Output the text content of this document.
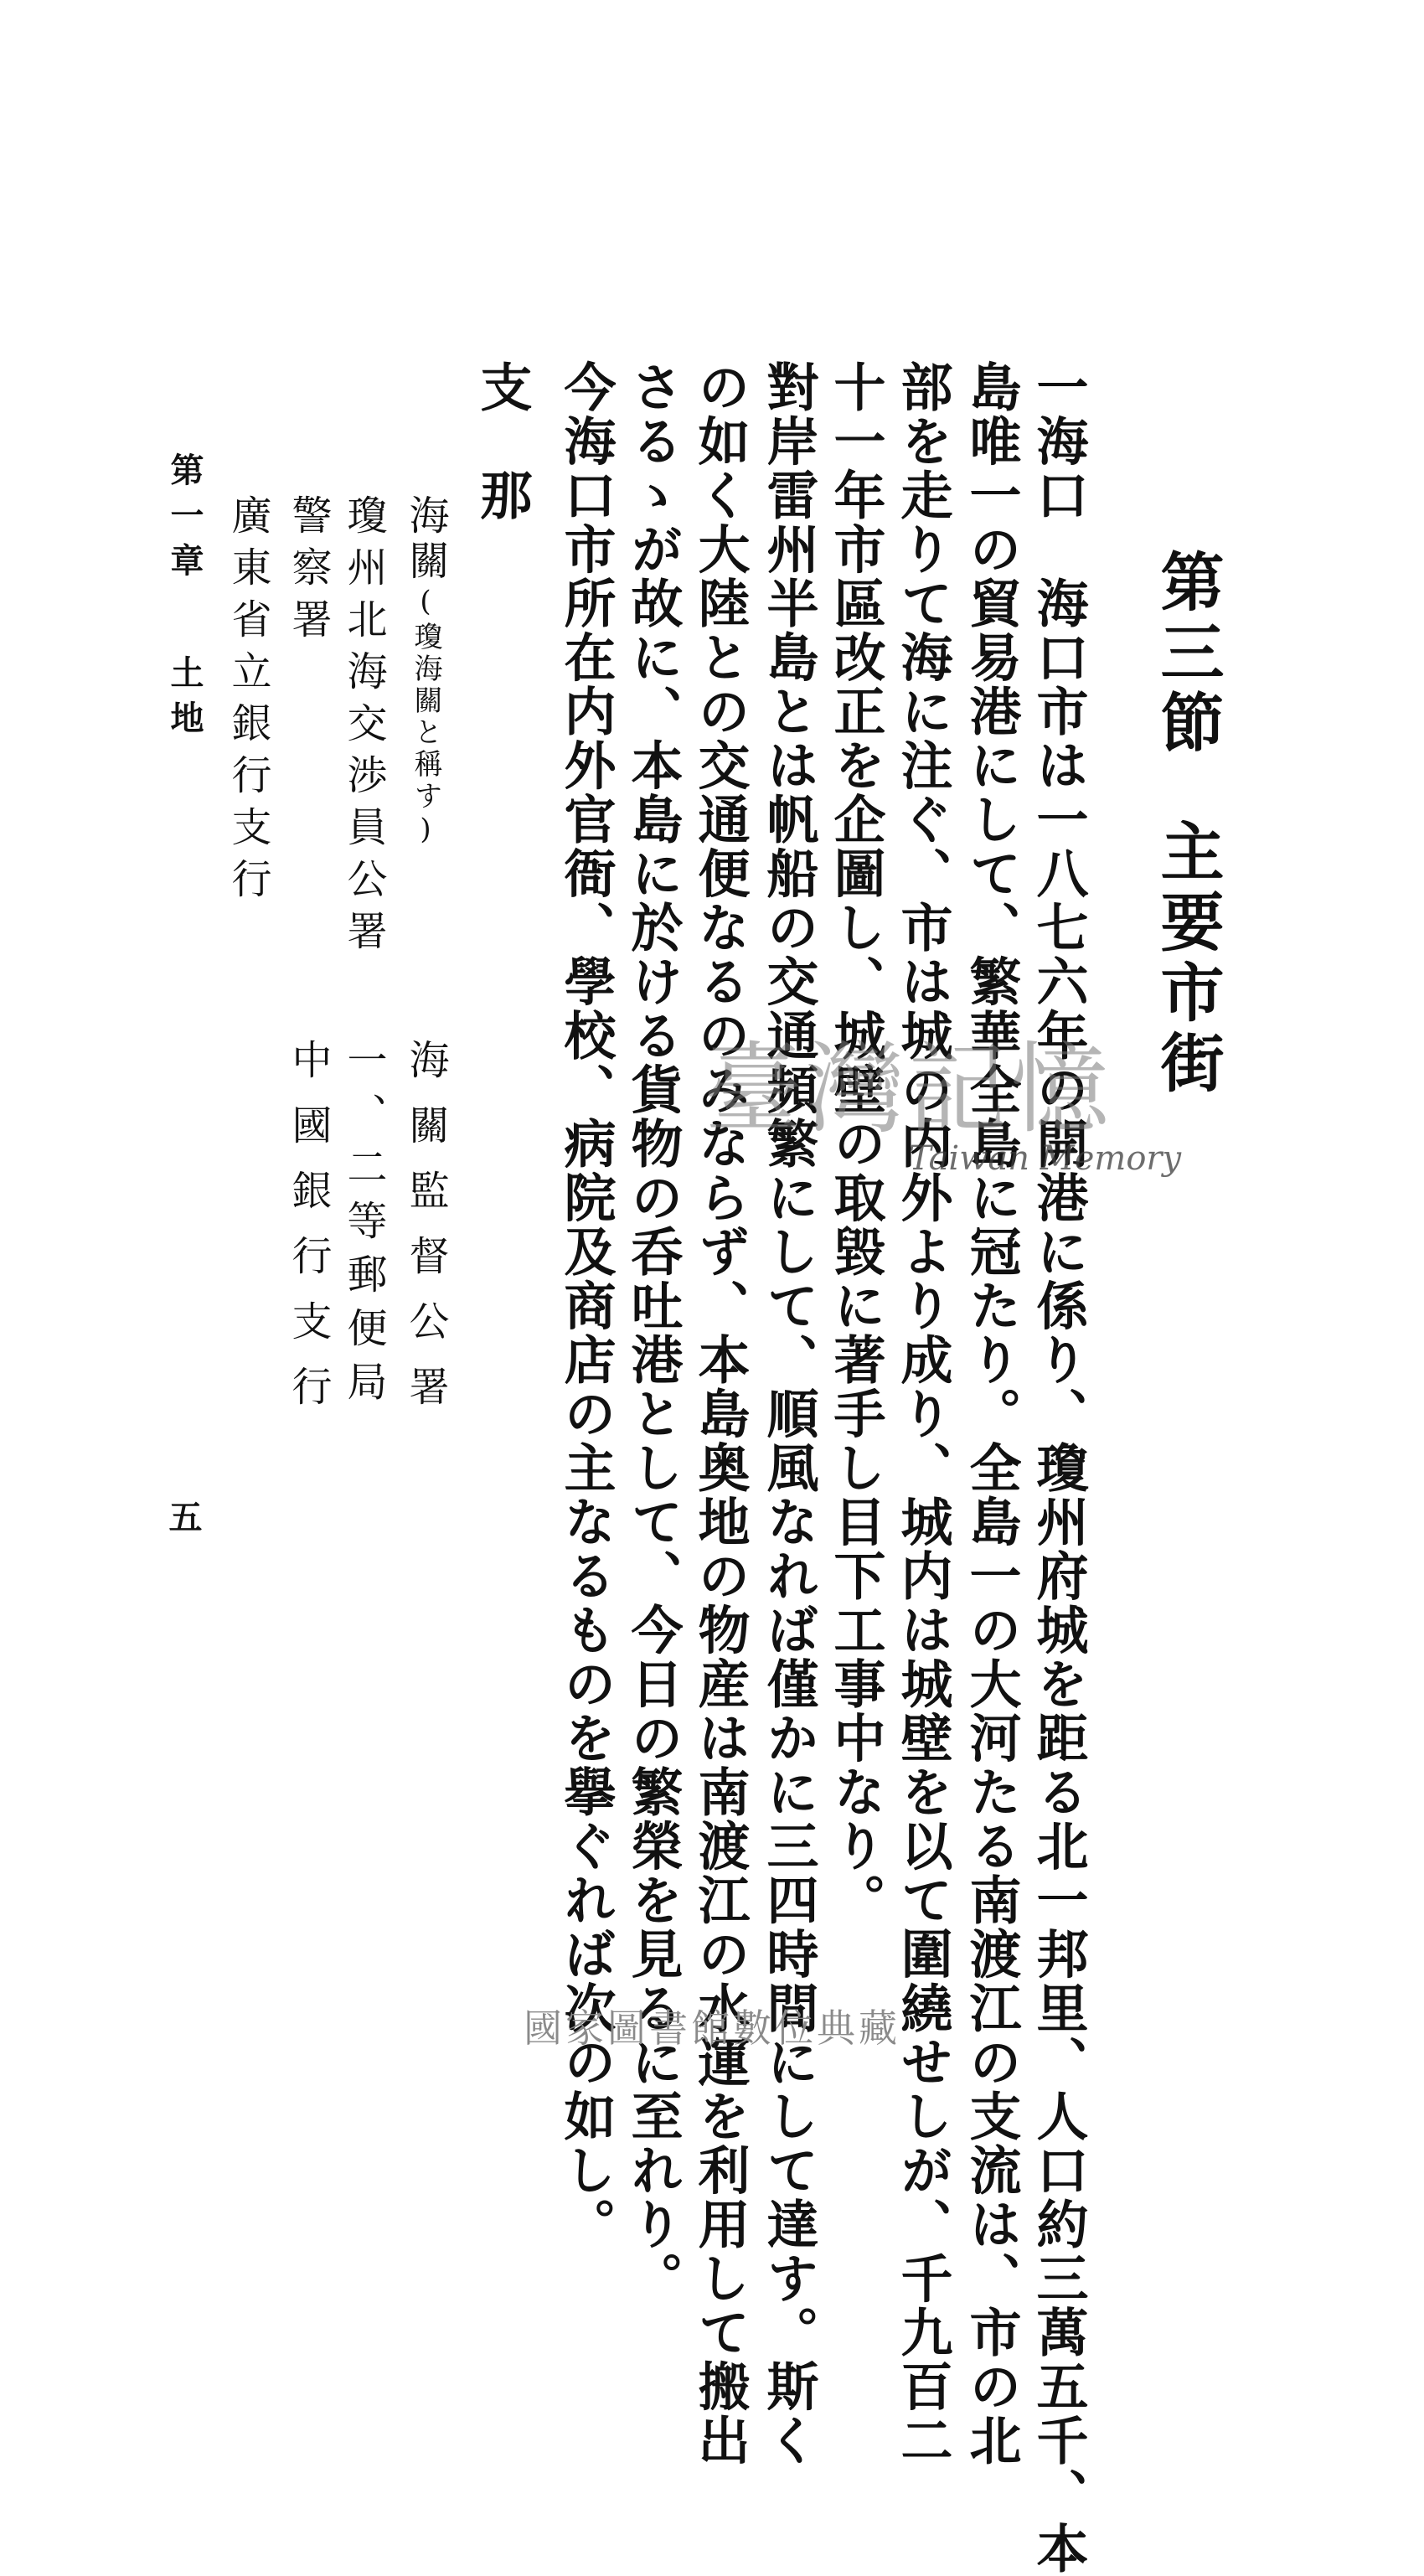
第三節主要市街
一海口　海口市は一八七六年の開港に係り、瓊州府城を距る北一邦里、人口約三萬五千、本
島唯一の貿易港にして、繁華全島に冠たり。全島一の大河たる南渡江の支流は、市の北
部を走りて海に注ぐ、市は城の内外より成り、城内は城壁を以て圍繞せしが、千九百二
十一年市區改正を企圖し、城壁の取毀に著手し目下工事中なり。
對岸雷州半島とは帆船の交通頻繁にして、順風なれば僅かに三四時間にして達す。斯く
の如く大陸との交通便なるのみならず、本島奥地の物産は南渡江の水運を利用して搬出
さるゝが故に、本島に於ける貨物の呑吐港として、今日の繁榮を見るに至れり。
今海口市所在内外官衙、學校、病院及商店の主なるものを擧ぐれば次の如し。
支　那
海關(瓊海關と稱す)
瓊州北海交渉員公署
警察署
廣東省立銀行支行
海關監督公署
一、二等郵便局
中國銀行支行
第一章土地
五
臺灣記憶
Taiwan Memory
國家圖書館數位典藏
